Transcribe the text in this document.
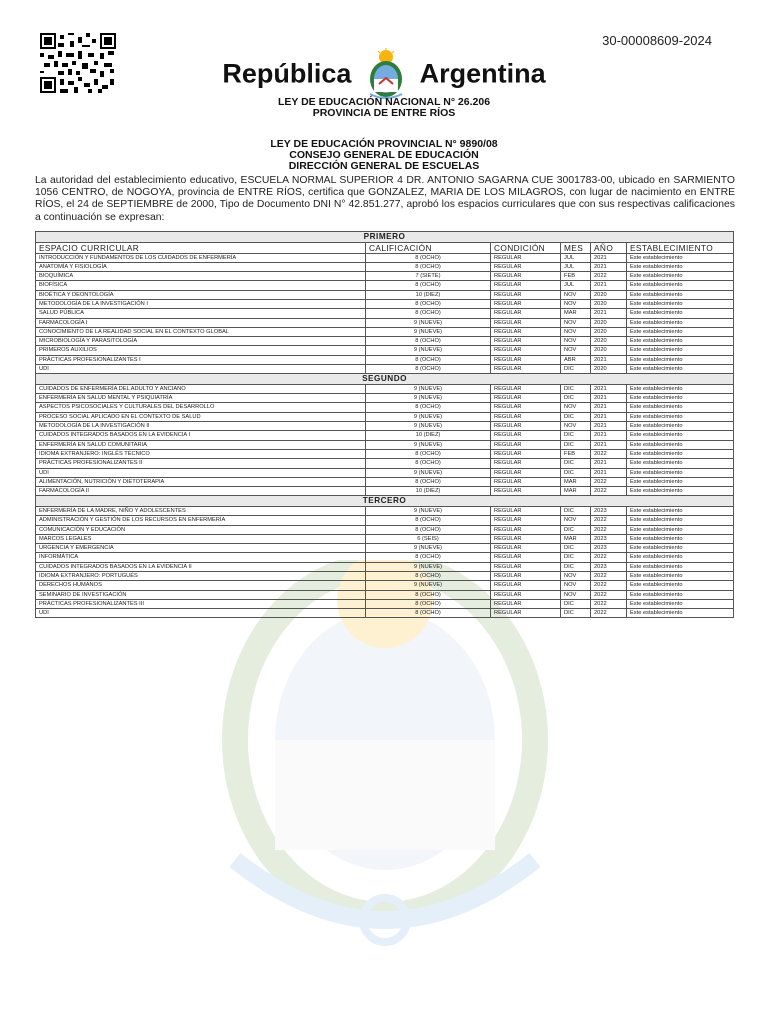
30-00008609-2024
República	Argentina
LEY DE EDUCACIÓN NACIONAL N° 26.206
PROVINCIA DE ENTRE RÍOS
LEY DE EDUCACIÓN PROVINCIAL N° 9890/08
CONSEJO GENERAL DE EDUCACIÓN
DIRECCIÓN GENERAL DE ESCUELAS
La autoridad del establecimiento educativo, ESCUELA NORMAL SUPERIOR 4 DR. ANTONIO SAGARNA CUE 3001783-00, ubicado en SARMIENTO 1056 CENTRO, de NOGOYA, provincia de ENTRE RÍOS, certifica que GONZALEZ, MARIA DE LOS MILAGROS, con lugar de nacimiento en ENTRE RÍOS, el 24 de SEPTIEMBRE de 2000, Tipo de Documento DNI N° 42.851.277, aprobó los espacios curriculares que con sus respectivas calificaciones a continuación se expresan:
PRIMERO					
ESPACIO CURRICULAR	CALIFICACIÓN	CONDICIÓN	MES	AÑO	ESTABLECIMIENTO
INTRODUCCIÓN Y FUNDAMENTOS DE LOS CUIDADOS DE ENFERMERÍA	8 (OCHO)	REGULAR	JUL	2021	Este establecimiento
ANATOMÍA Y FISIOLOGÍA	8 (OCHO)	REGULAR	JUL	2021	Este establecimiento
BIOQUÍMICA	7 (SIETE)	REGULAR	FEB	2022	Este establecimiento
BIOFÍSICA	8 (OCHO)	REGULAR	JUL	2021	Este establecimiento
BIOÉTICA Y DEONTOLOGÍA	10 (DIEZ)	REGULAR	NOV	2020	Este establecimiento
METODOLOGÍA DE LA INVESTIGACIÓN I	8 (OCHO)	REGULAR	NOV	2020	Este establecimiento
SALUD PÚBLICA	8 (OCHO)	REGULAR	MAR	2021	Este establecimiento
FARMACOLOGÍA I	9 (NUEVE)	REGULAR	NOV	2020	Este establecimiento
CONOCIMIENTO DE LA REALIDAD SOCIAL EN EL CONTEXTO GLOBAL	9 (NUEVE)	REGULAR	NOV	2020	Este establecimiento
MICROBIOLOGÍA Y PARASITOLOGÍA	8 (OCHO)	REGULAR	NOV	2020	Este establecimiento
PRIMEROS AUXILIOS	9 (NUEVE)	REGULAR	NOV	2020	Este establecimiento
PRÁCTICAS PROFESIONALIZANTES I	8 (OCHO)	REGULAR	ABR	2021	Este establecimiento
UDI	8 (OCHO)	REGULAR	DIC	2020	Este establecimiento
SEGUNDO					
CUIDADOS DE ENFERMERÍA DEL ADULTO Y ANCIANO	9 (NUEVE)	REGULAR	DIC	2021	Este establecimiento
ENFERMERÍA EN SALUD MENTAL Y PSIQUIATRÍA	9 (NUEVE)	REGULAR	DIC	2021	Este establecimiento
ASPECTOS PSICOSOCIALES Y CULTURALES DEL DESARROLLO	8 (OCHO)	REGULAR	NOV	2021	Este establecimiento
PROCESO SOCIAL APLICADO EN EL CONTEXTO DE SALUD	9 (NUEVE)	REGULAR	DIC	2021	Este establecimiento
METODOLOGÍA DE LA INVESTIGACIÓN II	9 (NUEVE)	REGULAR	NOV	2021	Este establecimiento
CUIDADOS INTEGRADOS BASADOS EN LA EVIDENCIA I	10 (DIEZ)	REGULAR	DIC	2021	Este establecimiento
ENFERMERÍA EN SALUD COMUNITARIA	9 (NUEVE)	REGULAR	DIC	2021	Este establecimiento
IDIOMA EXTRANJERO: INGLÉS TÉCNICO	8 (OCHO)	REGULAR	FEB	2022	Este establecimiento
PRÁCTICAS PROFESIONALIZANTES II	8 (OCHO)	REGULAR	DIC	2021	Este establecimiento
UDI	9 (NUEVE)	REGULAR	DIC	2021	Este establecimiento
ALIMENTACIÓN, NUTRICIÓN Y DIETOTERAPIA	8 (OCHO)	REGULAR	MAR	2022	Este establecimiento
FARMACOLOGÍA II	10 (DIEZ)	REGULAR	MAR	2022	Este establecimiento
TERCERO					
ENFERMERÍA DE LA MADRE, NIÑO Y ADOLESCENTES	9 (NUEVE)	REGULAR	DIC	2023	Este establecimiento
ADMINISTRACIÓN Y GESTIÓN DE LOS RECURSOS EN ENFERMERÍA	8 (OCHO)	REGULAR	NOV	2022	Este establecimiento
COMUNICACIÓN Y EDUCACIÓN	8 (OCHO)	REGULAR	DIC	2022	Este establecimiento
MARCOS LEGALES	6 (SEIS)	REGULAR	MAR	2023	Este establecimiento
URGENCIA Y EMERGENCIA	9 (NUEVE)	REGULAR	DIC	2023	Este establecimiento
INFORMÁTICA	8 (OCHO)	REGULAR	DIC	2022	Este establecimiento
CUIDADOS INTEGRADOS BASADOS EN LA EVIDENCIA II	9 (NUEVE)	REGULAR	DIC	2023	Este establecimiento
IDIOMA EXTRANJERO: PORTUGUÉS	8 (OCHO)	REGULAR	NOV	2022	Este establecimiento
DERECHOS HUMANOS	9 (NUEVE)	REGULAR	NOV	2022	Este establecimiento
SEMINARIO DE INVESTIGACIÓN	8 (OCHO)	REGULAR	NOV	2022	Este establecimiento
PRÁCTICAS PROFESIONALIZANTES III	8 (OCHO)	REGULAR	DIC	2022	Este establecimiento
UDI	8 (OCHO)	REGULAR	DIC	2022	Este establecimiento
